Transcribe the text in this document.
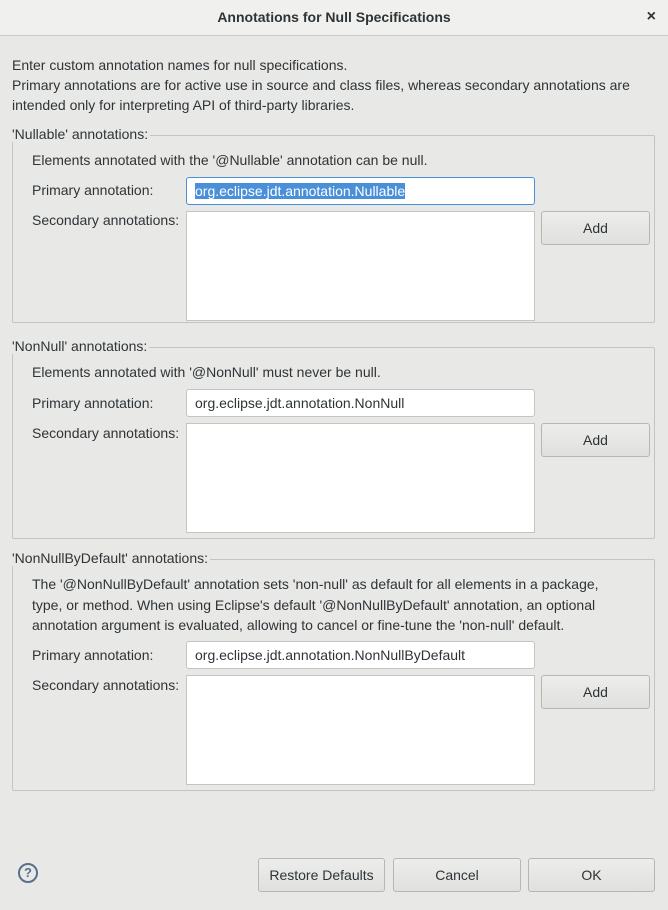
Annotations for Null Specifications	×
Enter custom annotation names for null specifications.
Primary annotations are for active use in source and class files, whereas secondary annotations are
intended only for interpreting API of third-party libraries.
'Nullable' annotations:
Elements annotated with the '@Nullable' annotation can be null.
Primary annotation:	org.eclipse.jdt.annotation.Nullable
Secondary annotations:	Add
'NonNull' annotations:
Elements annotated with '@NonNull' must never be null.
Primary annotation:	org.eclipse.jdt.annotation.NonNull
Secondary annotations:	Add
'NonNullByDefault' annotations:
The '@NonNullByDefault' annotation sets 'non-null' as default for all elements in a package,
type, or method. When using Eclipse's default '@NonNullByDefault' annotation, an optional
annotation argument is evaluated, allowing to cancel or fine-tune the 'non-null' default.
Primary annotation:	org.eclipse.jdt.annotation.NonNullByDefault
Secondary annotations:	Add
?	Restore Defaults	Cancel	OK
